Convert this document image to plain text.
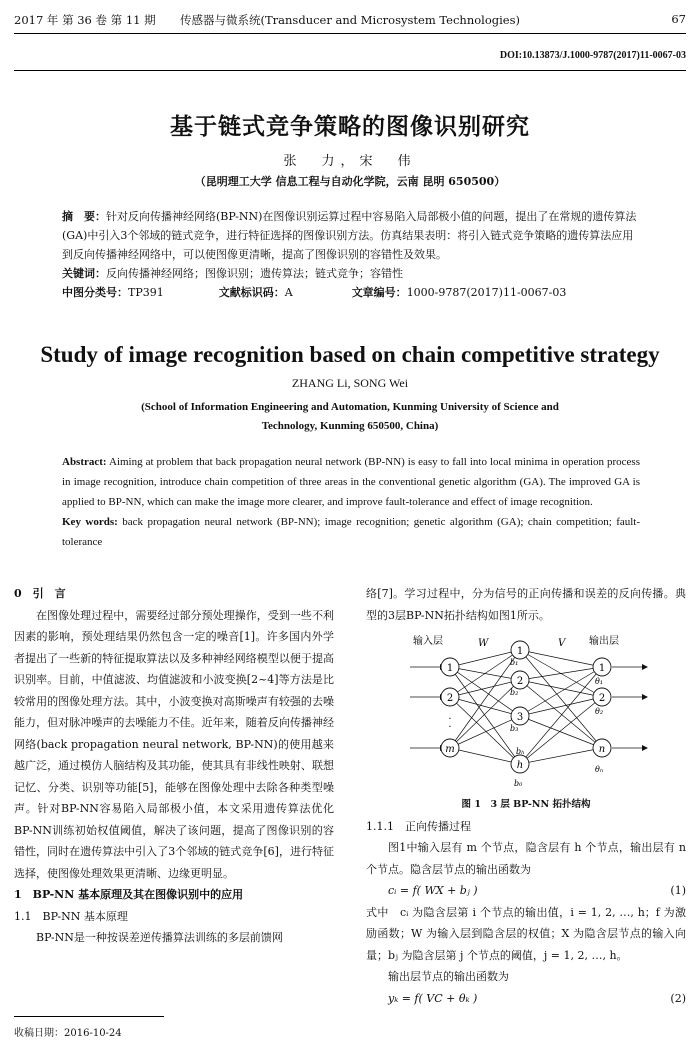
2017 年 第 36 卷 第 11 期	传感器与微系统(Transducer and Microsystem Technologies)	67
DOI:10.13873/J.1000-9787(2017)11-0067-03
基于链式竞争策略的图像识别研究
张　力，宋　伟
（昆明理工大学 信息工程与自动化学院，云南 昆明 650500）

摘　要：针对反向传播神经网络(BP-NN)在图像识别运算过程中容易陷入局部极小值的问题，提出了在常规的遗传算法(GA)中引入3个邻域的链式竞争，进行特征选择的图像识别方法。仿真结果表明：将引入链式竞争策略的遗传算法应用到反向传播神经网络中，可以使图像更清晰，提高了图像识别的容错性及效果。

关键词：反向传播神经网络；图像识别；遗传算法；链式竞争；容错性

中图分类号：TP391	文献标识码：A	文章编号：1000-9787(2017)11-0067-03

Study of image recognition based on chain competitive strategy
ZHANG Li, SONG Wei
(School of Information Engineering and Automation, Kunming University of Science and
Technology, Kunming 650500, China)

Abstract: Aiming at problem that back propagation neural network (BP-NN) is easy to fall into local minima in operation process in image recognition, introduce chain competition of three areas in the conventional genetic algorithm (GA). The improved GA is applied to BP-NN, which can make the image more clearer, and improve fault-tolerance and effect of image recognition.

Key words: back propagation neural network (BP-NN); image recognition; genetic algorithm (GA); chain competition; fault-tolerance

0　引　言

在图像处理过程中，需要经过部分预处理操作，受到一些不利因素的影响，预处理结果仍然包含一定的噪音[1]。许多国内外学者提出了一些新的特征提取算法以及多种神经网络模型以便于提高识别率。目前，中值滤波、均值滤波和小波变换[2~4]等方法是比较常用的图像处理方法。其中，小波变换对高斯噪声有较强的去噪能力，但对脉冲噪声的去噪能力不佳。近年来，随着反向传播神经网络(back propagation neural network, BP-NN)的使用越来越广泛，通过模仿人脑结构及其功能，使其具有非线性映射、联想记忆、分类、识别等功能[5]，能够在图像处理中去除各种类型噪声。针对BP-NN容易陷入局部极小值，本文采用遗传算法优化BP-NN训练初始权值阈值，解决了该问题，提高了图像识别的容错性，同时在遗传算法中引入了3个邻域的链式竞争[6]，进行特征选择，使图像处理效果更清晰、边缘更明显。

1　BP-NN 基本原理及其在图像识别中的应用
1.1　BP-NN 基本原理

BP-NN是一种按误差逆传播算法训练的多层前馈网

络[7]。学习过程中，分为信号的正向传播和误差的反向传播。典型的3层BP-NN拓扑结构如图1所示。

输入层	输出层
W	V
1
2
m
·
·
1
2
3
h
b₁
b₂
b₃
bₕ
b₀
1
2
n
θ₁
θ₂
θₙ
图 1　3 层 BP-NN 拓扑结构
1.1.1　正向传播过程

图1中输入层有 m 个节点，隐含层有 h 个节点，输出层有 n 个节点。隐含层节点的输出函数为

cᵢ = f( WX + bⱼ )	(1)

式中　cᵢ 为隐含层第 i 个节点的输出值，i = 1, 2, …, h；f 为激励函数；W 为输入层到隐含层的权值；X 为隐含层节点的输入向量；bⱼ 为隐含层第 j 个节点的阈值，j = 1, 2, …, h。

输出层节点的输出函数为

yₖ = f( VC + θₖ )	(2)
收稿日期：2016-10-24
